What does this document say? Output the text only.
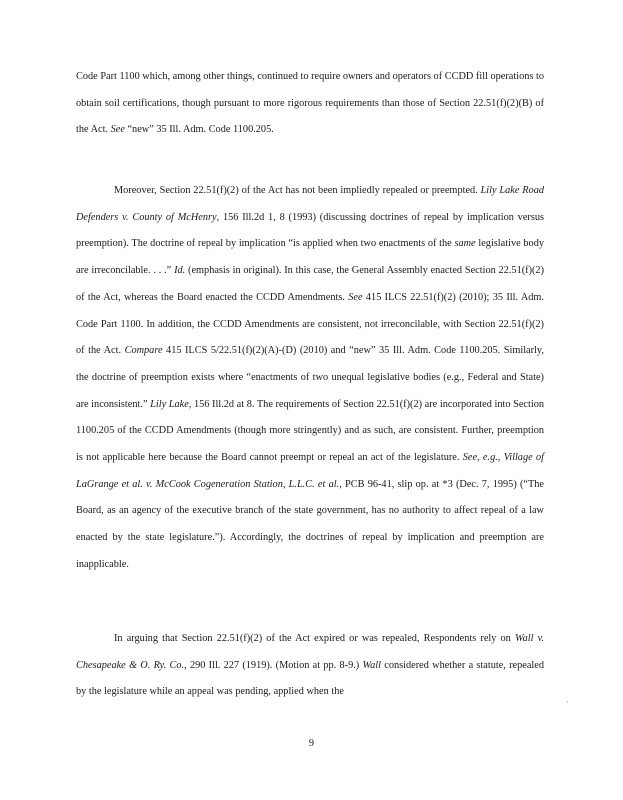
Code Part 1100 which, among other things, continued to require owners and operators of CCDD fill operations to obtain soil certifications, though pursuant to more rigorous requirements than those of Section 22.51(f)(2)(B) of the Act. See “new” 35 Ill. Adm. Code 1100.205.

Moreover, Section 22.51(f)(2) of the Act has not been impliedly repealed or preempted. Lily Lake Road Defenders v. County of McHenry, 156 Ill.2d 1, 8 (1993) (discussing doctrines of repeal by implication versus preemption). The doctrine of repeal by implication “is applied when two enactments of the same legislative body are irreconcilable. . . .” Id. (emphasis in original). In this case, the General Assembly enacted Section 22.51(f)(2) of the Act, whereas the Board enacted the CCDD Amendments. See 415 ILCS 22.51(f)(2) (2010); 35 Ill. Adm. Code Part 1100. In addition, the CCDD Amendments are consistent, not irreconcilable, with Section 22.51(f)(2) of the Act. Compare 415 ILCS 5/22.51(f)(2)(A)-(D) (2010) and “new” 35 Ill. Adm. Code 1100.205. Similarly, the doctrine of preemption exists where “enactments of two unequal legislative bodies (e.g., Federal and State) are inconsistent.” Lily Lake, 156 Ill.2d at 8. The requirements of Section 22.51(f)(2) are incorporated into Section 1100.205 of the CCDD Amendments (though more stringently) and as such, are consistent. Further, preemption is not applicable here because the Board cannot preempt or repeal an act of the legislature. See, e.g., Village of LaGrange et al. v. McCook Cogeneration Station, L.L.C. et al., PCB 96-41, slip op. at *3 (Dec. 7, 1995) (“The Board, as an agency of the executive branch of the state government, has no authority to affect repeal of a law enacted by the state legislature.”). Accordingly, the doctrines of repeal by implication and preemption are inapplicable.

In arguing that Section 22.51(f)(2) of the Act expired or was repealed, Respondents rely on Wall v. Chesapeake & O. Ry. Co., 290 Ill. 227 (1919). (Motion at pp. 8-9.) Wall considered whether a statute, repealed by the legislature while an appeal was pending, applied when the

9
`
